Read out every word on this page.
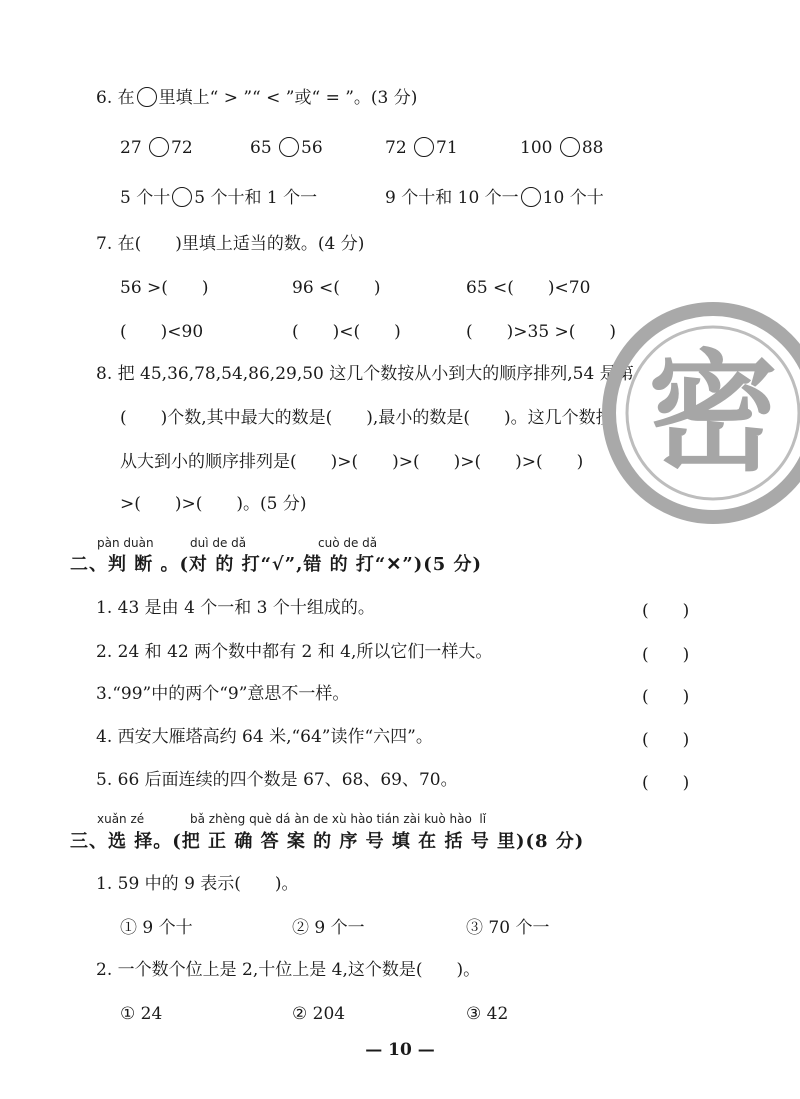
6. 在 里填上“ > ”“ < ”或“ = ”。(3 分)
27 72	65 56	72 71	100 88
5 个十 5 个十和 1 个一	9 个十和 10 个一 10 个十
7. 在(　　)里填上适当的数。(4 分)
56 >(　　)	96 <(　　)	65 <(　　)<70
(　　)<90	(　　)<(　　)	(　　)>35 >(　　)
8. 把 45,36,78,54,86,29,50 这几个数按从小到大的顺序排列,54 是第
(　　)个数,其中最大的数是(　　),最小的数是(　　)。这几个数按
从大到小的顺序排列是(　　)>(　　)>(　　)>(　　)>(　　)
>(　　)>(　　)。(5 分)
pàn duàn	duì de dǎ	cuò de dǎ
二、判 断 。(对 的 打“√”,错 的 打“✕”)(5 分)
1. 43 是由 4 个一和 3 个十组成的。	(　　)
2. 24 和 42 两个数中都有 2 和 4,所以它们一样大。	(　　)
3.“99”中的两个“9”意思不一样。	(　　)
4. 西安大雁塔高约 64 米,“64”读作“六四”。	(　　)
5. 66 后面连续的四个数是 67、68、69、70。	(　　)
xuǎn zé	bǎ zhèng què dá àn de xù hào tián zài kuò hào  lǐ
三、选 择。(把 正 确 答 案 的 序 号 填 在 括 号 里)(8 分)
1. 59 中的 9 表示(　　)。
① 9 个十	② 9 个一	③ 70 个一
2. 一个数个位上是 2,十位上是 4,这个数是(　　)。
① 24	② 204	③ 42
— 10 —
密
